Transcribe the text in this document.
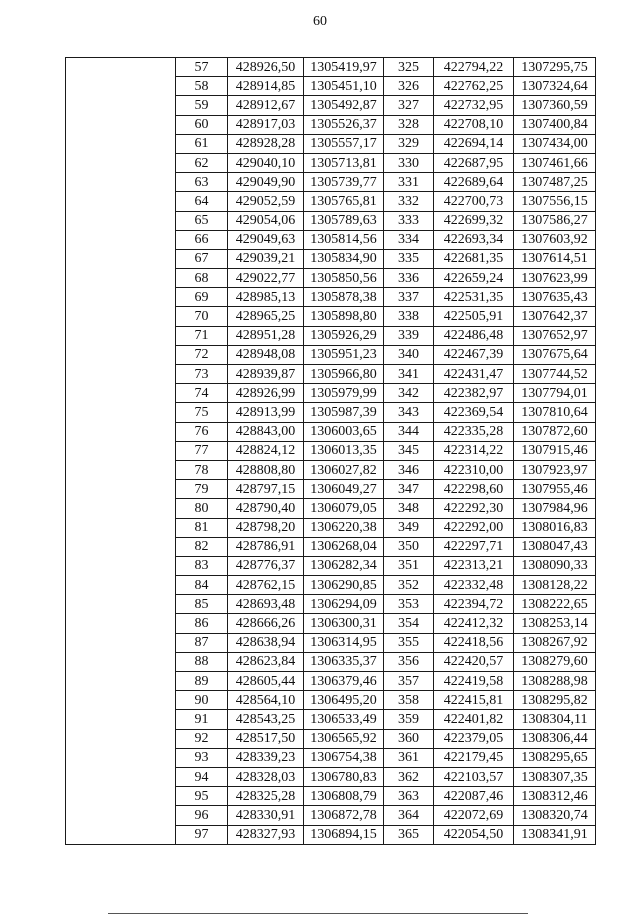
60
	57	428926,50	1305419,97	325	422794,22	1307295,75
	58	428914,85	1305451,10	326	422762,25	1307324,64
	59	428912,67	1305492,87	327	422732,95	1307360,59
	60	428917,03	1305526,37	328	422708,10	1307400,84
	61	428928,28	1305557,17	329	422694,14	1307434,00
	62	429040,10	1305713,81	330	422687,95	1307461,66
	63	429049,90	1305739,77	331	422689,64	1307487,25
	64	429052,59	1305765,81	332	422700,73	1307556,15
	65	429054,06	1305789,63	333	422699,32	1307586,27
	66	429049,63	1305814,56	334	422693,34	1307603,92
	67	429039,21	1305834,90	335	422681,35	1307614,51
	68	429022,77	1305850,56	336	422659,24	1307623,99
	69	428985,13	1305878,38	337	422531,35	1307635,43
	70	428965,25	1305898,80	338	422505,91	1307642,37
	71	428951,28	1305926,29	339	422486,48	1307652,97
	72	428948,08	1305951,23	340	422467,39	1307675,64
	73	428939,87	1305966,80	341	422431,47	1307744,52
	74	428926,99	1305979,99	342	422382,97	1307794,01
	75	428913,99	1305987,39	343	422369,54	1307810,64
	76	428843,00	1306003,65	344	422335,28	1307872,60
	77	428824,12	1306013,35	345	422314,22	1307915,46
	78	428808,80	1306027,82	346	422310,00	1307923,97
	79	428797,15	1306049,27	347	422298,60	1307955,46
	80	428790,40	1306079,05	348	422292,30	1307984,96
	81	428798,20	1306220,38	349	422292,00	1308016,83
	82	428786,91	1306268,04	350	422297,71	1308047,43
	83	428776,37	1306282,34	351	422313,21	1308090,33
	84	428762,15	1306290,85	352	422332,48	1308128,22
	85	428693,48	1306294,09	353	422394,72	1308222,65
	86	428666,26	1306300,31	354	422412,32	1308253,14
	87	428638,94	1306314,95	355	422418,56	1308267,92
	88	428623,84	1306335,37	356	422420,57	1308279,60
	89	428605,44	1306379,46	357	422419,58	1308288,98
	90	428564,10	1306495,20	358	422415,81	1308295,82
	91	428543,25	1306533,49	359	422401,82	1308304,11
	92	428517,50	1306565,92	360	422379,05	1308306,44
	93	428339,23	1306754,38	361	422179,45	1308295,65
	94	428328,03	1306780,83	362	422103,57	1308307,35
	95	428325,28	1306808,79	363	422087,46	1308312,46
	96	428330,91	1306872,78	364	422072,69	1308320,74
	97	428327,93	1306894,15	365	422054,50	1308341,91
